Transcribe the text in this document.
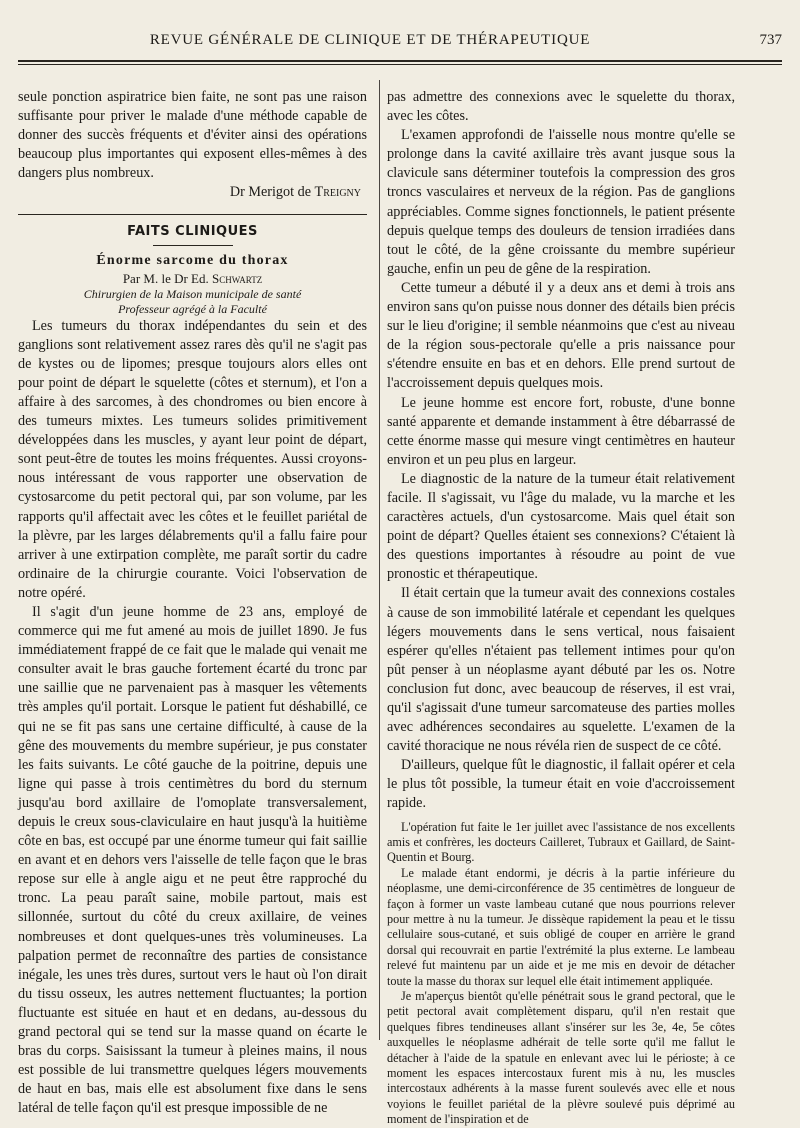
REVUE GÉNÉRALE DE CLINIQUE ET DE THÉRAPEUTIQUE	737

seule ponction aspiratrice bien faite, ne sont pas une raison suffisante pour priver le malade d'une méthode capable de donner des succès fréquents et d'éviter ainsi des opérations beaucoup plus importantes qui exposent elles-mêmes à des dangers plus nombreux.

Dr Merigot de Treigny

FAITS CLINIQUES
Énorme sarcome du thorax
Par M. le Dr Ed. Schwartz
Chirurgien de la Maison municipale de santé
Professeur agrégé à la Faculté

Les tumeurs du thorax indépendantes du sein et des ganglions sont relativement assez rares dès qu'il ne s'agit pas de kystes ou de lipomes; presque toujours alors elles ont pour point de départ le squelette (côtes et sternum), et l'on a affaire à des sarcomes, à des chondromes ou bien encore à des tumeurs mixtes. Les tumeurs solides primitivement développées dans les muscles, y ayant leur point de départ, sont peut-être de toutes les moins fréquentes. Aussi croyons-nous intéressant de vous rapporter une observation de cystosarcome du petit pectoral qui, par son volume, par les rapports qu'il affectait avec les côtes et le feuillet pariétal de la plèvre, par les larges délabrements qu'il a fallu faire pour arriver à une extirpation complète, me paraît sortir du cadre ordinaire de la chirurgie courante. Voici l'observation de notre opéré.

Il s'agit d'un jeune homme de 23 ans, employé de commerce qui me fut amené au mois de juillet 1890. Je fus immédiatement frappé de ce fait que le malade qui venait me consulter avait le bras gauche fortement écarté du tronc par une saillie que ne parvenaient pas à masquer les vêtements très amples qu'il portait. Lorsque le patient fut déshabillé, ce qui ne se fit pas sans une certaine difficulté, à cause de la gêne des mouvements du membre supérieur, je pus constater les faits suivants. Le côté gauche de la poitrine, depuis une ligne qui passe à trois centimètres du bord du sternum jusqu'au bord axillaire de l'omoplate transversalement, depuis le creux sous-claviculaire en haut jusqu'à la huitième côte en bas, est occupé par une énorme tumeur qui fait saillie en avant et en dehors vers l'aisselle de telle façon que le bras repose sur elle à angle aigu et ne peut être rapproché du tronc. La peau paraît saine, mobile partout, mais est sillonnée, surtout du côté du creux axillaire, de veines nombreuses et dont quelques-unes très volumineuses. La palpation permet de reconnaître des parties de consistance inégale, les unes très dures, surtout vers le haut où l'on dirait du tissu osseux, les autres nettement fluctuantes; la portion fluctuante est située en haut et en dedans, au-dessous du grand pectoral qui se tend sur la masse quand on écarte le bras du corps. Saisissant la tumeur à pleines mains, il nous est possible de lui transmettre quelques légers mouvements de haut en bas, mais elle est absolument fixe dans le sens latéral de telle façon qu'il est presque impossible de ne

pas admettre des connexions avec le squelette du thorax, avec les côtes.

L'examen approfondi de l'aisselle nous montre qu'elle se prolonge dans la cavité axillaire très avant jusque sous la clavicule sans déterminer toutefois la compression des gros troncs vasculaires et nerveux de la région. Pas de ganglions appréciables. Comme signes fonctionnels, le patient présente depuis quelque temps des douleurs de tension irradiées dans tout le côté, de la gêne croissante du membre supérieur gauche, enfin un peu de gêne de la respiration.

Cette tumeur a débuté il y a deux ans et demi à trois ans environ sans qu'on puisse nous donner des détails bien précis sur le lieu d'origine; il semble néanmoins que c'est au niveau de la région sous-pectorale qu'elle a pris naissance pour s'étendre ensuite en bas et en dehors. Elle prend surtout de l'accroissement depuis quelques mois.

Le jeune homme est encore fort, robuste, d'une bonne santé apparente et demande instamment à être débarrassé de cette énorme masse qui mesure vingt centimètres en hauteur environ et un peu plus en largeur.

Le diagnostic de la nature de la tumeur était relativement facile. Il s'agissait, vu l'âge du malade, vu la marche et les caractères actuels, d'un cystosarcome. Mais quel était son point de départ? Quelles étaient ses connexions? C'étaient là des questions importantes à résoudre au point de vue pronostic et thérapeutique.

Il était certain que la tumeur avait des connexions costales à cause de son immobilité latérale et cependant les quelques légers mouvements dans le sens vertical, nous faisaient espérer qu'elles n'étaient pas tellement intimes pour qu'on pût penser à un néoplasme ayant débuté par les os. Notre conclusion fut donc, avec beaucoup de réserves, il est vrai, qu'il s'agissait d'une tumeur sarcomateuse des parties molles avec adhérences secondaires au squelette. L'examen de la cavité thoracique ne nous révéla rien de suspect de ce côté.

D'ailleurs, quelque fût le diagnostic, il fallait opérer et cela le plus tôt possible, la tumeur était en voie d'accroissement rapide.

L'opération fut faite le 1er juillet avec l'assistance de nos excellents amis et confrères, les docteurs Cailleret, Tubraux et Gaillard, de Saint-Quentin et Bourg.

Le malade étant endormi, je décris à la partie inférieure du néoplasme, une demi-circonférence de 35 centimètres de longueur de façon à former un vaste lambeau cutané que nous pourrions relever pour mettre à nu la tumeur. Je dissèque rapidement la peau et le tissu cellulaire sous-cutané, et suis obligé de couper en arrière le grand dorsal qui recouvrait en partie l'extrémité la plus externe. Le lambeau relevé fut maintenu par un aide et je me mis en devoir de détacher toute la masse du thorax sur lequel elle était intimement appliquée.

Je m'aperçus bientôt qu'elle pénétrait sous le grand pectoral, que le petit pectoral avait complètement disparu, qu'il n'en restait que quelques fibres tendineuses allant s'insérer sur les 3e, 4e, 5e côtes auxquelles le néoplasme adhérait de telle sorte qu'il me fallut le détacher à l'aide de la spatule en enlevant avec lui le périoste; à ce moment les espaces intercostaux furent mis à nu, les muscles intercostaux adhérents à la masse furent soulevés avec elle et nous voyions le feuillet pariétal de la plèvre soulevé puis déprimé au moment de l'inspiration et de
